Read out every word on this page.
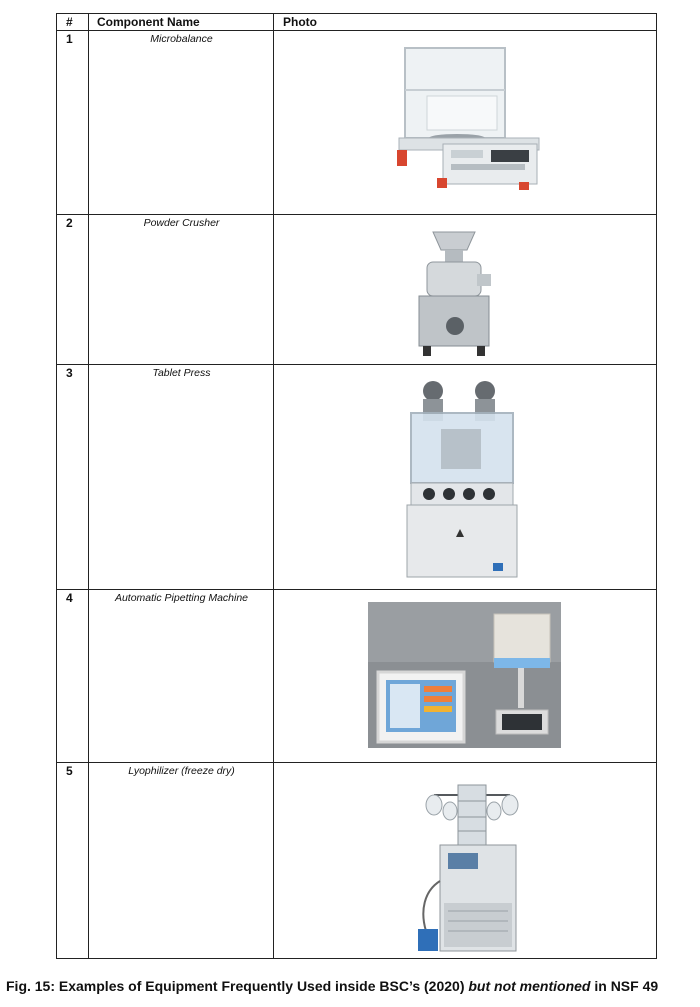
# Component Name	Photo
1	Microbalance
2	Powder Crusher
3	Tablet Press
4	Automatic Pipetting Machine
5	Lyophilizer (freeze dry)
Fig. 15: Examples of Equipment Frequently Used inside BSC’s (2020) but not mentioned in NSF 49
